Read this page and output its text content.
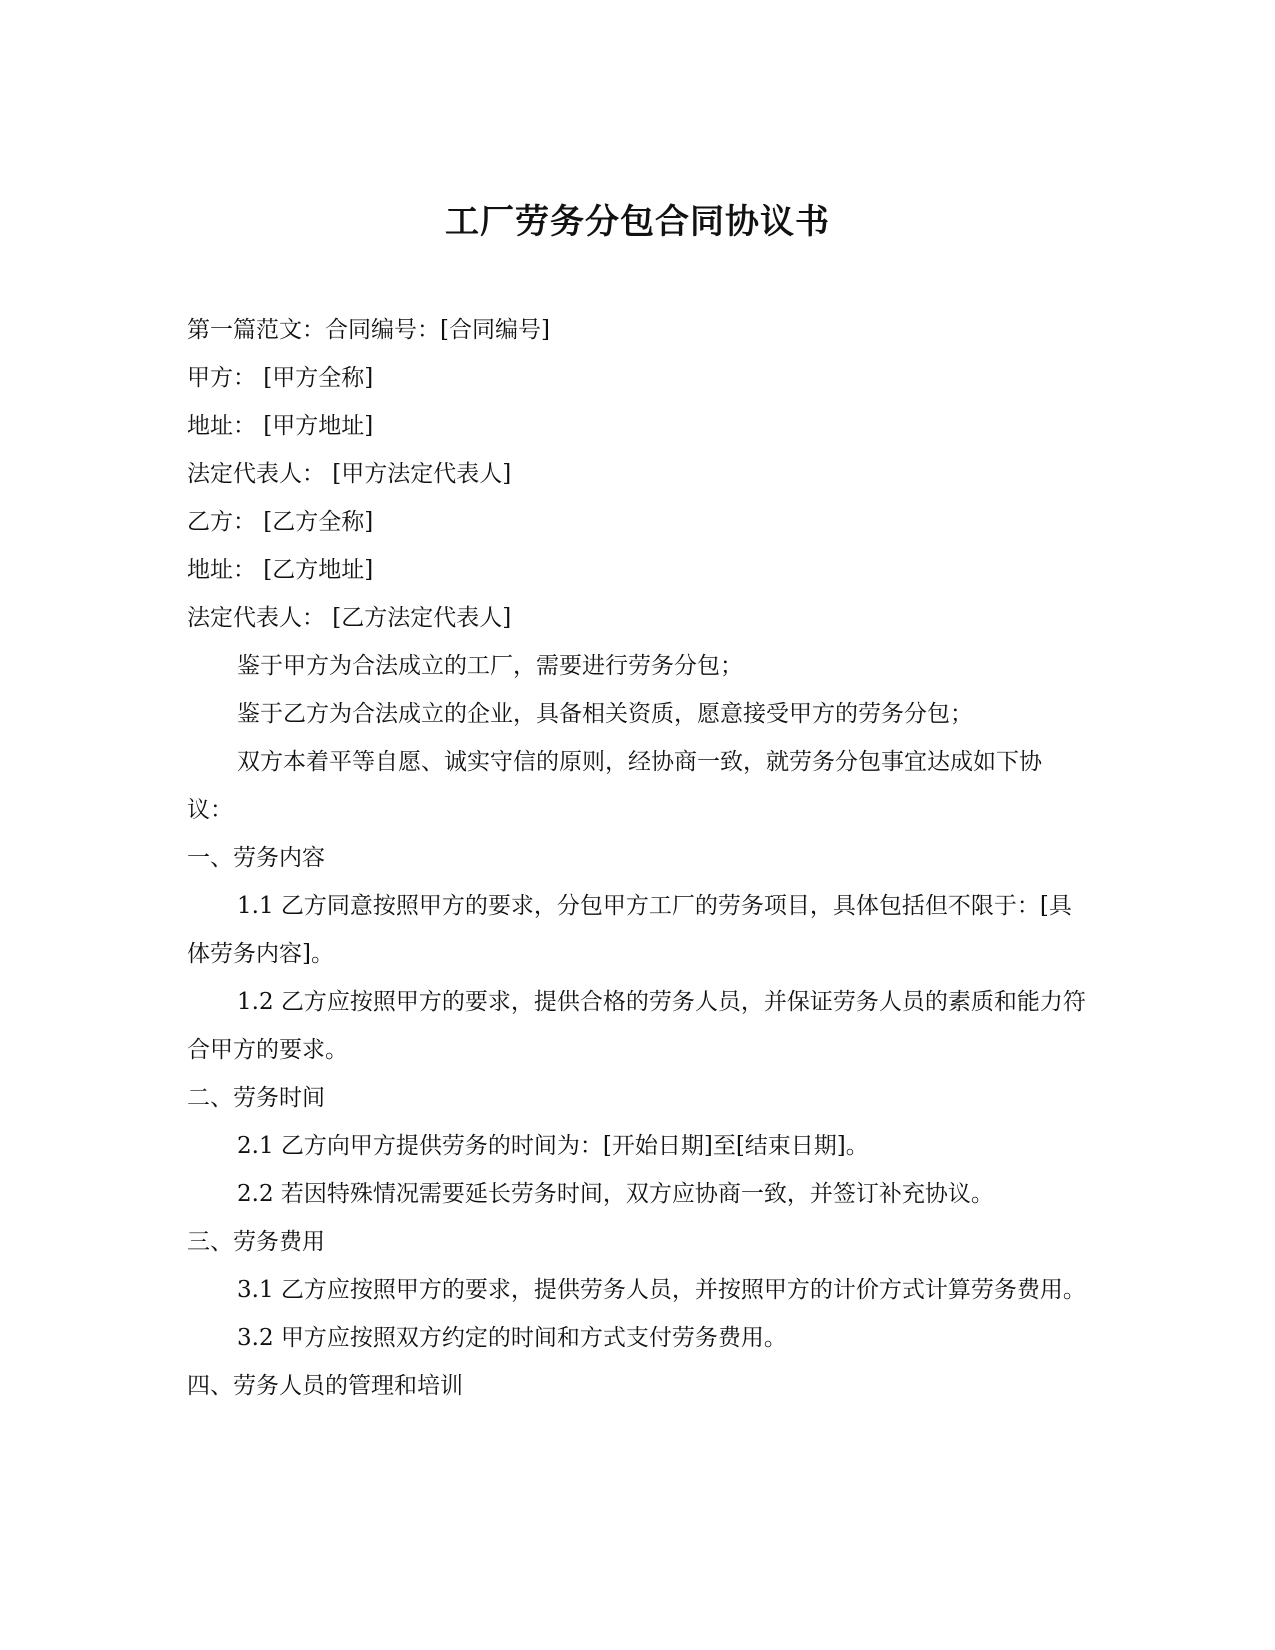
工厂劳务分包合同协议书

第一篇范文：合同编号：[合同编号]

甲方： [甲方全称]

地址： [甲方地址]

法定代表人： [甲方法定代表人]

乙方： [乙方全称]

地址： [乙方地址]

法定代表人： [乙方法定代表人]

鉴于甲方为合法成立的工厂，需要进行劳务分包；

鉴于乙方为合法成立的企业，具备相关资质，愿意接受甲方的劳务分包；

双方本着平等自愿、诚实守信的原则，经协商一致，就劳务分包事宜达成如下协议：

一、劳务内容

1.1 乙方同意按照甲方的要求，分包甲方工厂的劳务项目，具体包括但不限于：[具体劳务内容]。

1.2 乙方应按照甲方的要求，提供合格的劳务人员，并保证劳务人员的素质和能力符合甲方的要求。

二、劳务时间

2.1 乙方向甲方提供劳务的时间为：[开始日期]至[结束日期]。

2.2 若因特殊情况需要延长劳务时间，双方应协商一致，并签订补充协议。

三、劳务费用

3.1 乙方应按照甲方的要求，提供劳务人员，并按照甲方的计价方式计算劳务费用。

3.2 甲方应按照双方约定的时间和方式支付劳务费用。

四、劳务人员的管理和培训
